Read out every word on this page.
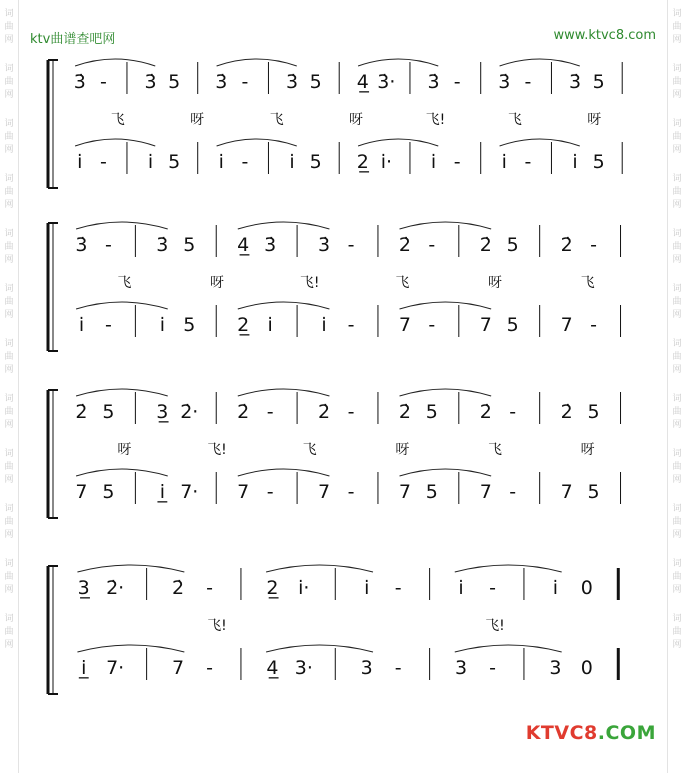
词
曲
网
词
曲
网
词
曲
网
词
曲
网
词
曲
网
词
曲
网
词
曲
网
词
曲
网
词
曲
网
词
曲
网
词
曲
网
词
曲
网
词
曲
网
词
曲
网
词
曲
网
词
曲
网
词
曲
网
词
曲
网
词
曲
网
词
曲
网
词
曲
网
词
曲
网
词
曲
网
词
曲
网
ktv曲谱查吧网	www.ktvc8.com
3̇ - 3̇ 5 3̇ - 3̇ 5 4̲ 3̇· 3̇ - 3̇ - 3̇ 5
i̇ - i̇ 5 i̇ - i̇ 5 2̲ i̇· i̇ - i̇ - i̇ 5
飞	呀	飞	呀	飞!	飞	呀
3̇ - 3̇ 5 4̲ 3̇ 3̇ - 2̇ - 2̇ 5 2̇ -
i̇ -	i̇ 5 2̲ i̇	i̇ - 7 - 7 5 7 -
飞	呀	飞!	飞	呀	飞
2̇ 5 3̲ 2̇· 2̇ - 2̇ - 2̇ 5 2̇ - 2̇ 5
7 5 i̲ 7· 7 - 7 - 7 5 7 - 7 5
呀	飞!	飞	呀	飞	呀
3̲ 2̇·	2̇ -	2̲ i̇·	i̇ -	i̇ -	i̇ 0
i̲ 7·	7 -	4̲ 3·	3 -	3 -	3 0
飞!	飞!
KTVC8.COM
